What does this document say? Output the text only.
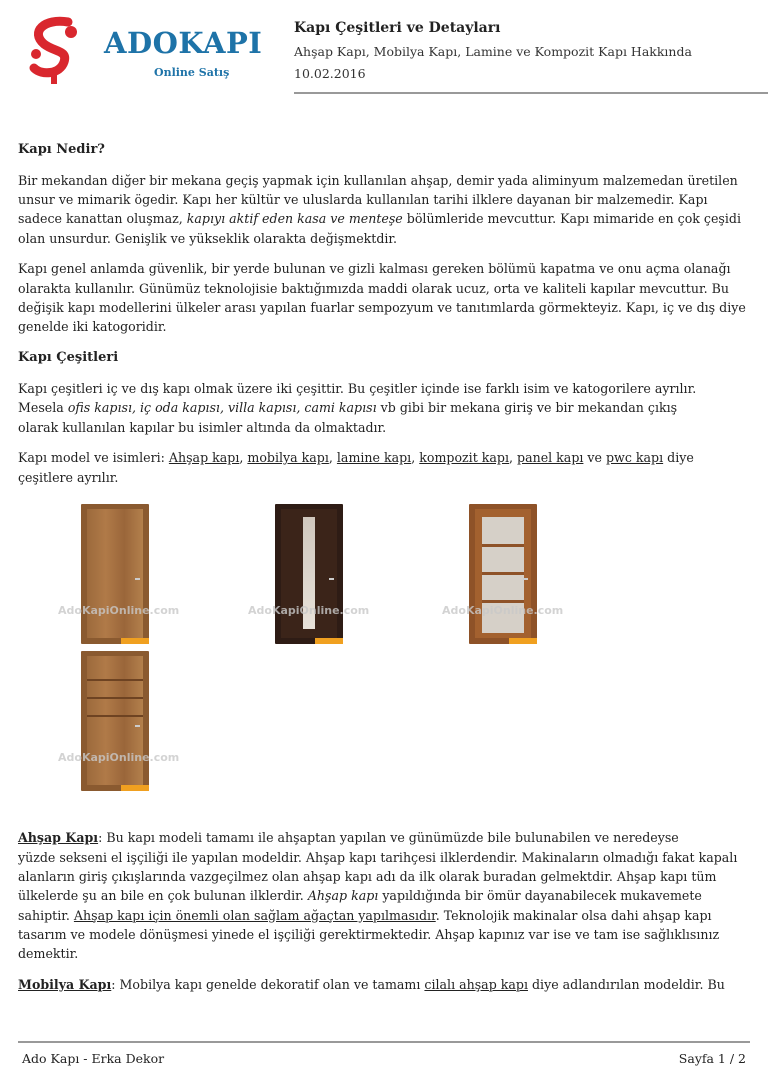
ADOKAPI
Online Satış
Kapı Çeşitleri ve Detayları
Ahşap Kapı, Mobilya Kapı, Lamine ve Kompozit Kapı Hakkında
10.02.2016
Kapı Nedir?

Bir mekandan diğer bir mekana geçiş yapmak için kullanılan ahşap, demir yada aliminyum malzemedan üretilen unsur ve mimarik ögedir. Kapı her kültür ve uluslarda kullanılan tarihi ilklere dayanan bir malzemedir. Kapı sadece kanattan oluşmaz, kapıyı aktif eden kasa ve menteşe bölümleride mevcuttur. Kapı mimaride en çok çeşidi olan unsurdur. Genişlik ve yükseklik olarakta değişmektdir.

Kapı genel anlamda güvenlik, bir yerde bulunan ve gizli kalması gereken bölümü kapatma ve onu açma olanağı olarakta kullanılır. Günümüz teknolojisie baktığımızda maddi olarak ucuz, orta ve kaliteli kapılar mevcuttur. Bu değişik kapı modellerini ülkeler arası yapılan fuarlar sempozyum ve tanıtımlarda görmekteyiz. Kapı, iç ve dış diye genelde iki katogoridir.

Kapı Çeşitleri

Kapı çeşitleri iç ve dış kapı olmak üzere iki çeşittir. Bu çeşitler içinde ise farklı isim ve katogorilere ayrılır.
Mesela ofis kapısı, iç oda kapısı, villa kapısı, cami kapısı vb gibi bir mekana giriş ve bir mekandan çıkış
olarak kullanılan kapılar bu isimler altında da olmaktadır.

Kapı model ve isimleri: Ahşap kapı, mobilya kapı, lamine kapı, kompozit kapı, panel kapı ve pwc kapı diye çeşitlere ayrılır.

AdoKapiOnline.com	AdoKapiOnline.com	AdoKapiOnline.com
AdoKapiOnline.com

Ahşap Kapı: Bu kapı modeli tamamı ile ahşaptan yapılan ve günümüzde bile bulunabilen ve neredeyse
yüzde sekseni el işçiliği ile yapılan modeldir. Ahşap kapı tarihçesi ilklerdendir. Makinaların olmadığı fakat kapalı alanların giriş çıkışlarında vazgeçilmez olan ahşap kapı adı da ilk olarak buradan gelmektdir. Ahşap kapı tüm ülkelerde şu an bile en çok bulunan ilklerdir. Ahşap kapı yapıldığında bir ömür dayanabilecek mukavemete sahiptir. Ahşap kapı için önemli olan sağlam ağaçtan yapılmasıdır. Teknolojik makinalar olsa dahi ahşap kapı tasarım ve modele dönüşmesi yinede el işçiliği gerektirmektedir. Ahşap kapınız var ise ve tam ise sağlıklısınız demektir.

Mobilya Kapı: Mobilya kapı genelde dekoratif olan ve tamamı cilalı ahşap kapı diye adlandırılan modeldir. Bu

Ado Kapı - Erka Dekor	Sayfa 1 / 2
